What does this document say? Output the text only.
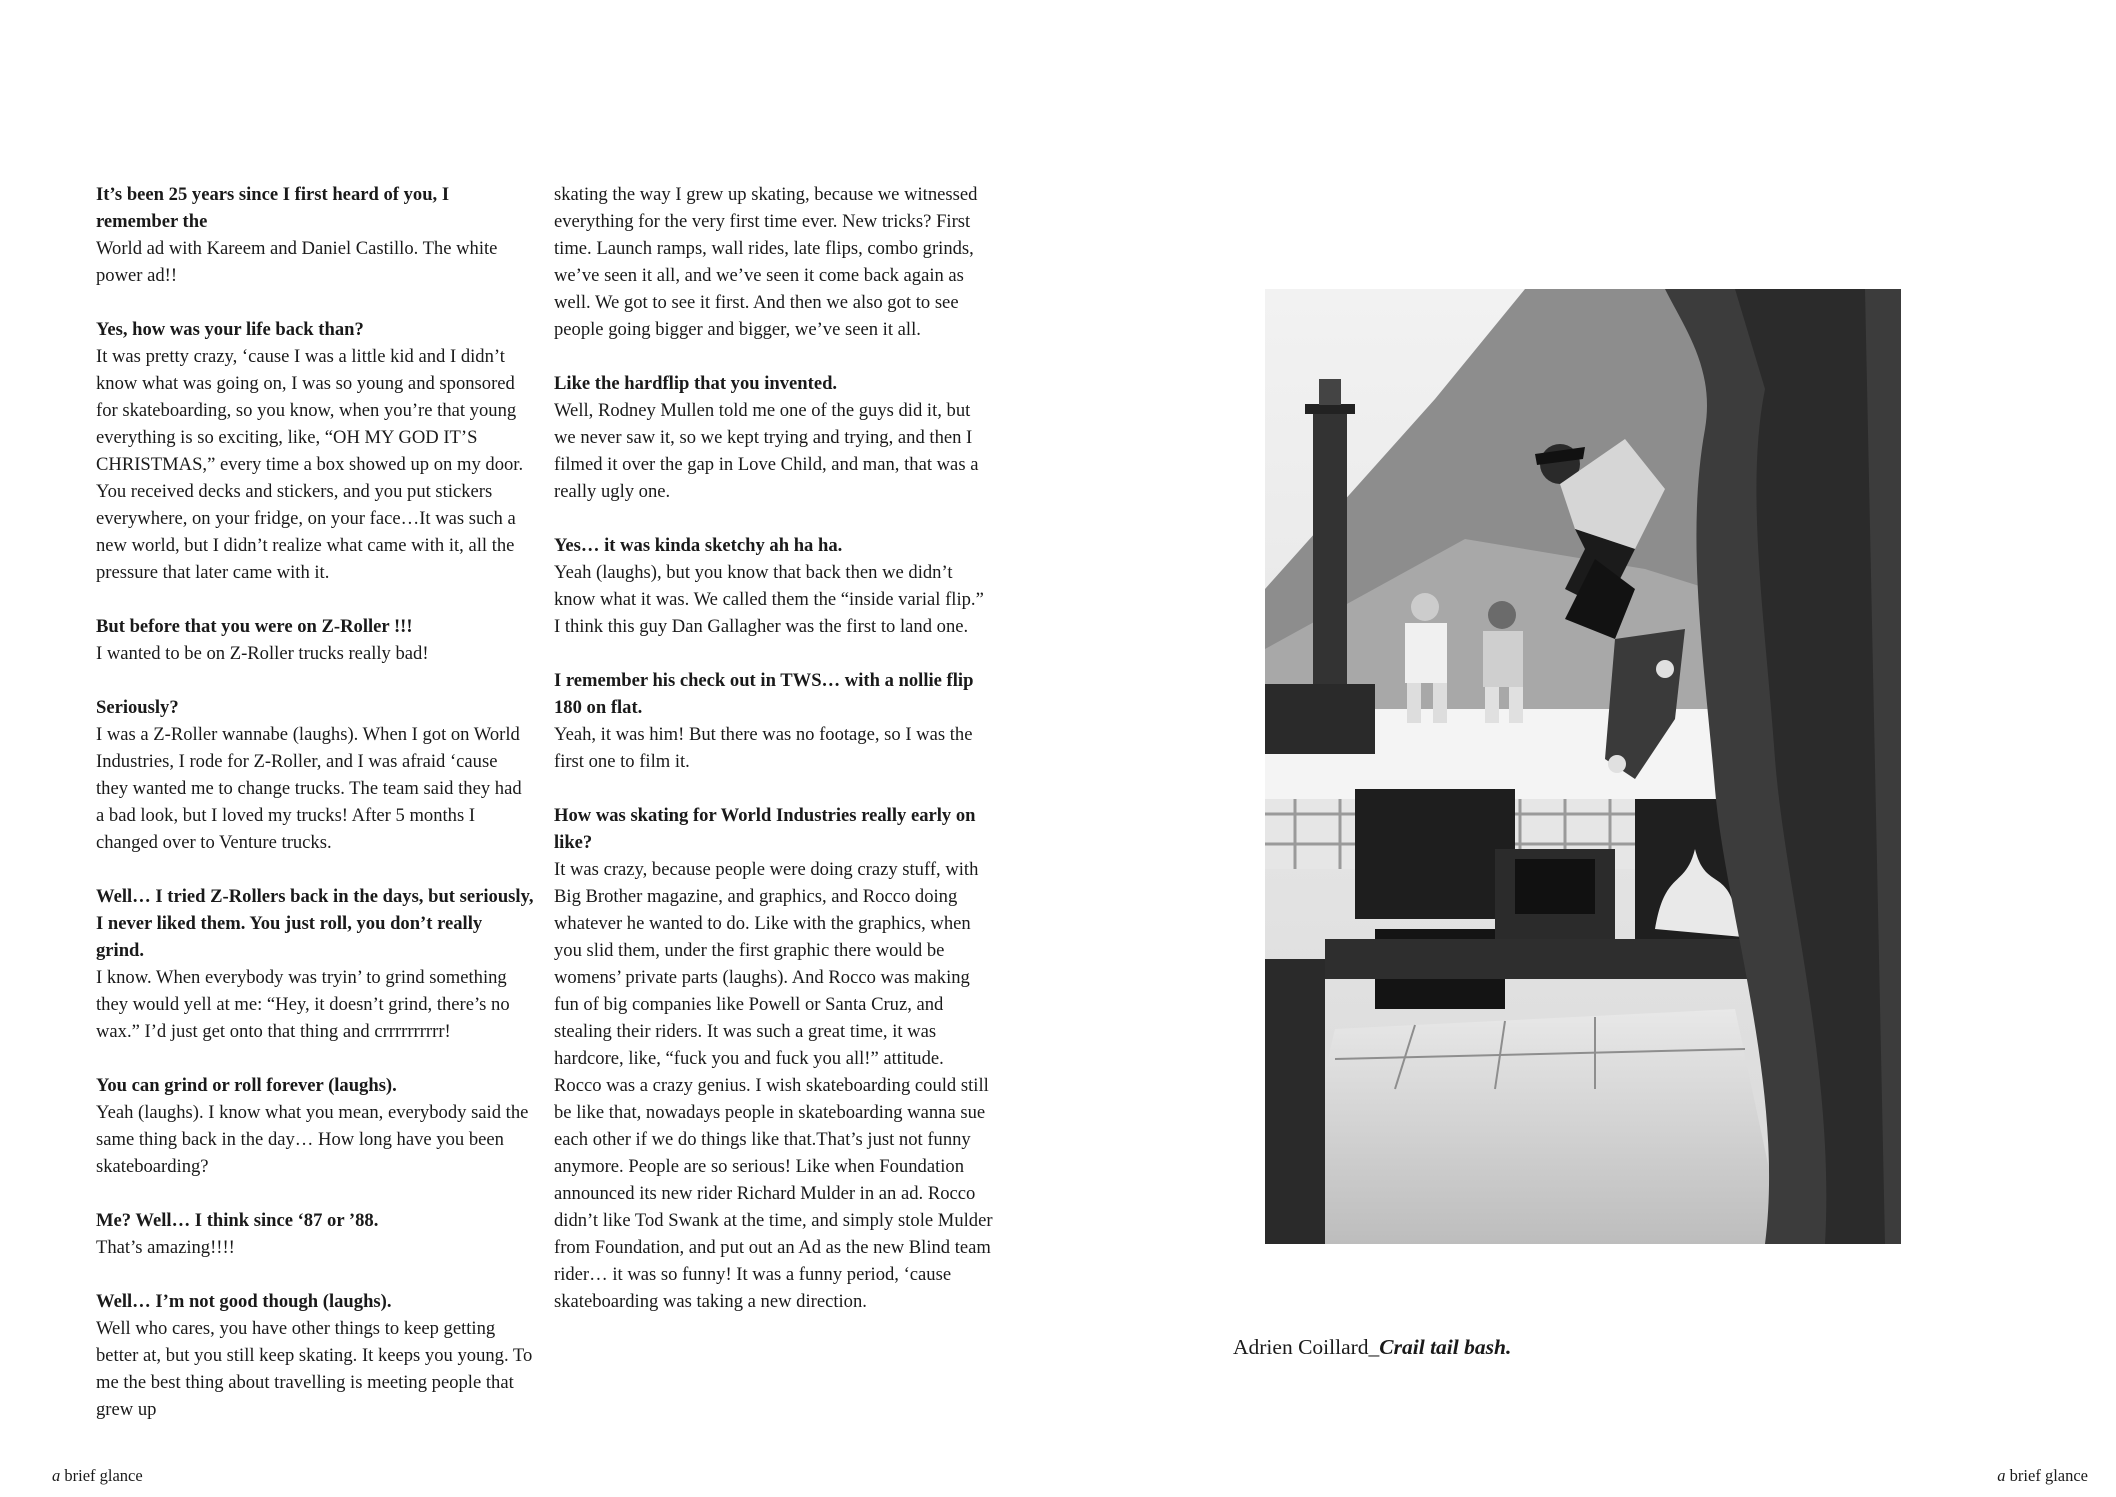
It’s been 25 years since I first heard of you, I remember the
World ad with Kareem and Daniel Castillo. The white power ad!!

Yes, how was your life back than?
It was pretty crazy, ‘cause I was a little kid and I didn’t know what was going on, I was so young and sponsored for skateboarding, so you know, when you’re that young everything is so exciting, like, “OH MY GOD IT’S CHRISTMAS,” every time a box showed up on my door. You received decks and stickers, and you put stickers everywhere, on your fridge, on your face…It was such a new world, but I didn’t realize what came with it, all the pressure that later came with it.

But before that you were on Z-Roller !!!
I wanted to be on Z-Roller trucks really bad!

Seriously?
I was a Z-Roller wannabe (laughs). When I got on World Industries, I rode for Z-Roller, and I was afraid ‘cause they wanted me to change trucks. The team said they had a bad look, but I loved my trucks! After 5 months I changed over to Venture trucks.

Well… I tried Z-Rollers back in the days, but seriously, I never liked them. You just roll, you don’t really grind.
I know. When everybody was tryin’ to grind something they would yell at me: “Hey, it doesn’t grind, there’s no wax.” I’d just get onto that thing and crrrrrrrrrr!

You can grind or roll forever (laughs).
Yeah (laughs). I know what you mean, everybody said the same thing back in the day… How long have you been skateboarding?

Me? Well… I think since ‘87 or ’88.
That’s amazing!!!!

Well… I’m not good though (laughs).
Well who cares, you have other things to keep getting better at, but you still keep skating. It keeps you young. To me the best thing about travelling is meeting people that grew up

skating the way I grew up skating, because we witnessed everything for the very first time ever. New tricks? First time. Launch ramps, wall rides, late flips, combo grinds, we’ve seen it all, and we’ve seen it come back again as well. We got to see it first. And then we also got to see people going bigger and bigger, we’ve seen it all.

Like the hardflip that you invented.
Well, Rodney Mullen told me one of the guys did it, but we never saw it, so we kept trying and trying, and then I filmed it over the gap in Love Child, and man, that was a really ugly one.

Yes… it was kinda sketchy ah ha ha.
Yeah (laughs), but you know that back then we didn’t know what it was. We called them the “inside varial flip.” I think this guy Dan Gallagher was the first to land one.

I remember his check out in TWS… with a nollie flip 180 on flat.
Yeah, it was him! But there was no footage, so I was the first one to film it.

How was skating for World Industries really early on like?
It was crazy, because people were doing crazy stuff, with Big Brother magazine, and graphics, and Rocco doing whatever he wanted to do. Like with the graphics, when you slid them, under the first graphic there would be womens’ private parts (laughs). And Rocco was making fun of big companies like Powell or Santa Cruz, and stealing their riders. It was such a great time, it was hardcore, like, “fuck you and fuck you all!” attitude. Rocco was a crazy genius. I wish skateboarding could still be like that, nowadays people in skateboarding wanna sue each other if we do things like that.That’s just not funny anymore. People are so serious! Like when Foundation announced its new rider Richard Mulder in an ad. Rocco didn’t like Tod Swank at the time, and simply stole Mulder from Foundation, and put out an Ad as the new Blind team rider… it was so funny! It was a funny period, ‘cause skateboarding was taking a new direction.

Adrien Coillard_Crail tail bash.
a brief glance	a brief glance
